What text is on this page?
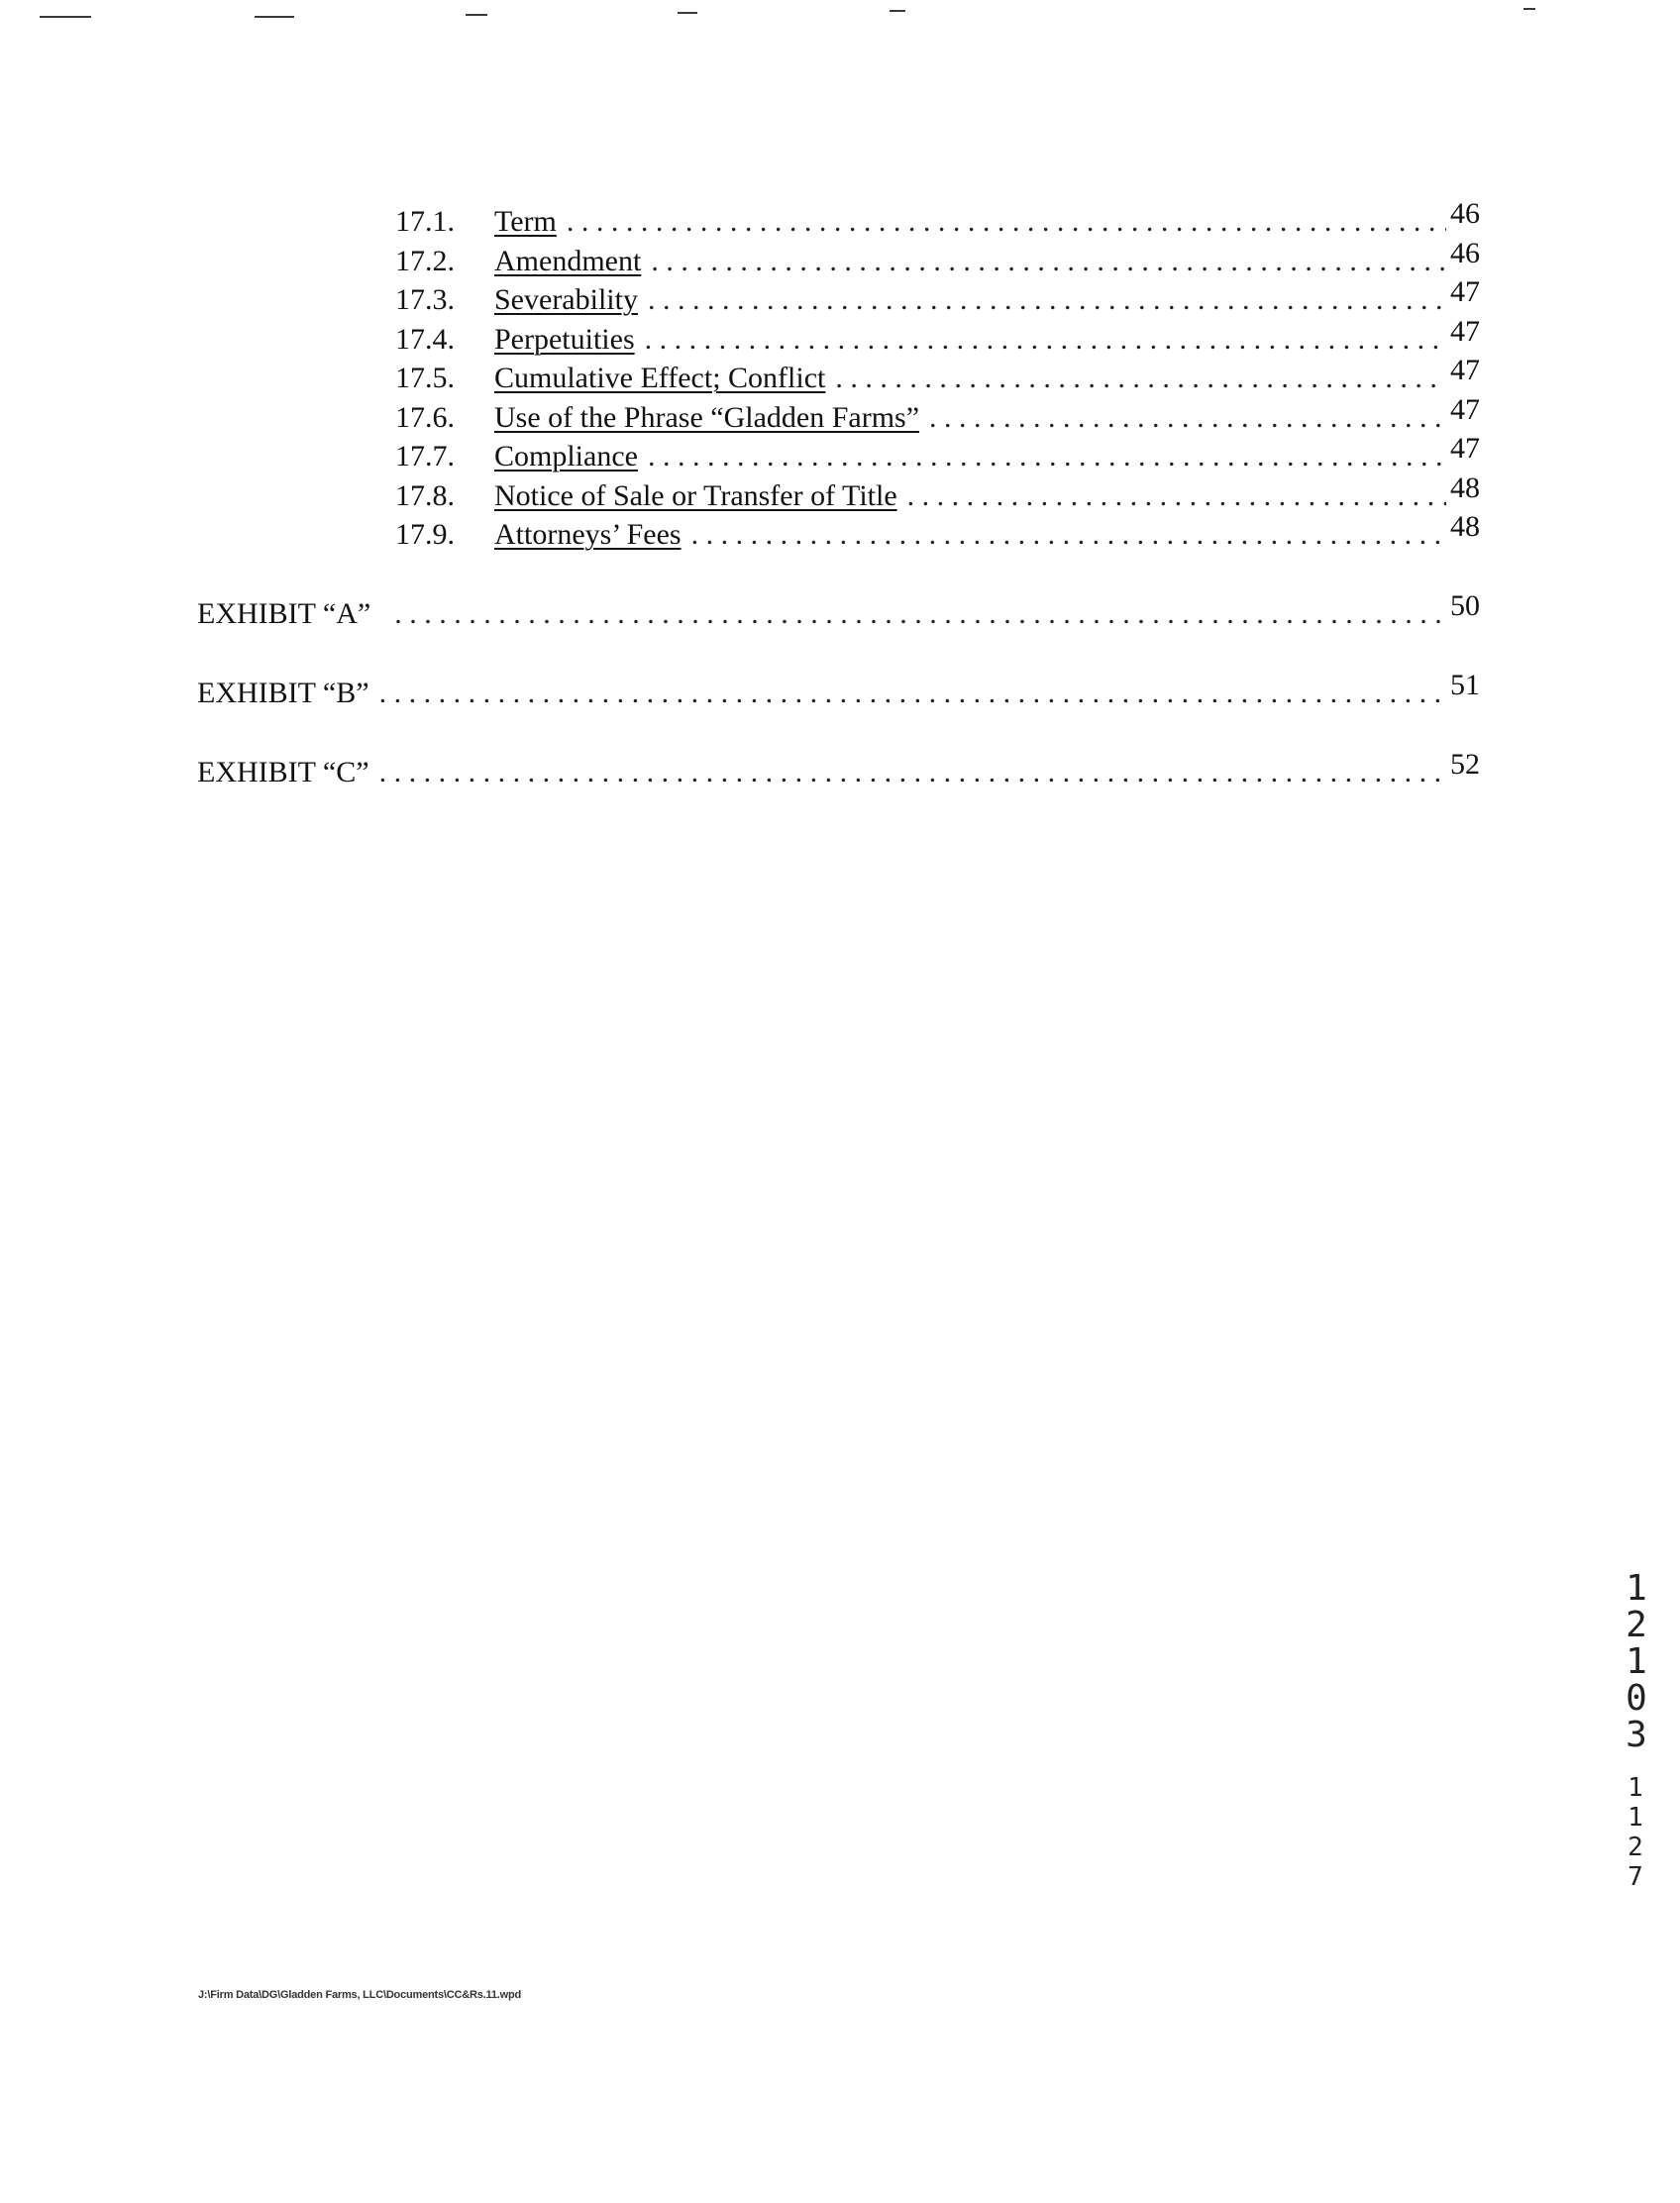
17.1.	Term . . .	46
17.2.	Amendment . . .	46
17.3.	Severability . . .	47
17.4.	Perpetuities . . .	47
17.5.	Cumulative Effect; Conflict . . .	47
17.6.	Use of the Phrase “Gladden Farms” . . .	47
17.7.	Compliance . . .	47
17.8.	Notice of Sale or Transfer of Title . . .	48
17.9.	Attorneys’ Fees . . .	48
EXHIBIT “A” . . .	50
EXHIBIT “B” . . .	51
EXHIBIT “C” . . .	52
1
2
1
0
3
1
1
2
7
J:\Firm Data\DG\Gladden Farms, LLC\Documents\CC&Rs.11.wpd
